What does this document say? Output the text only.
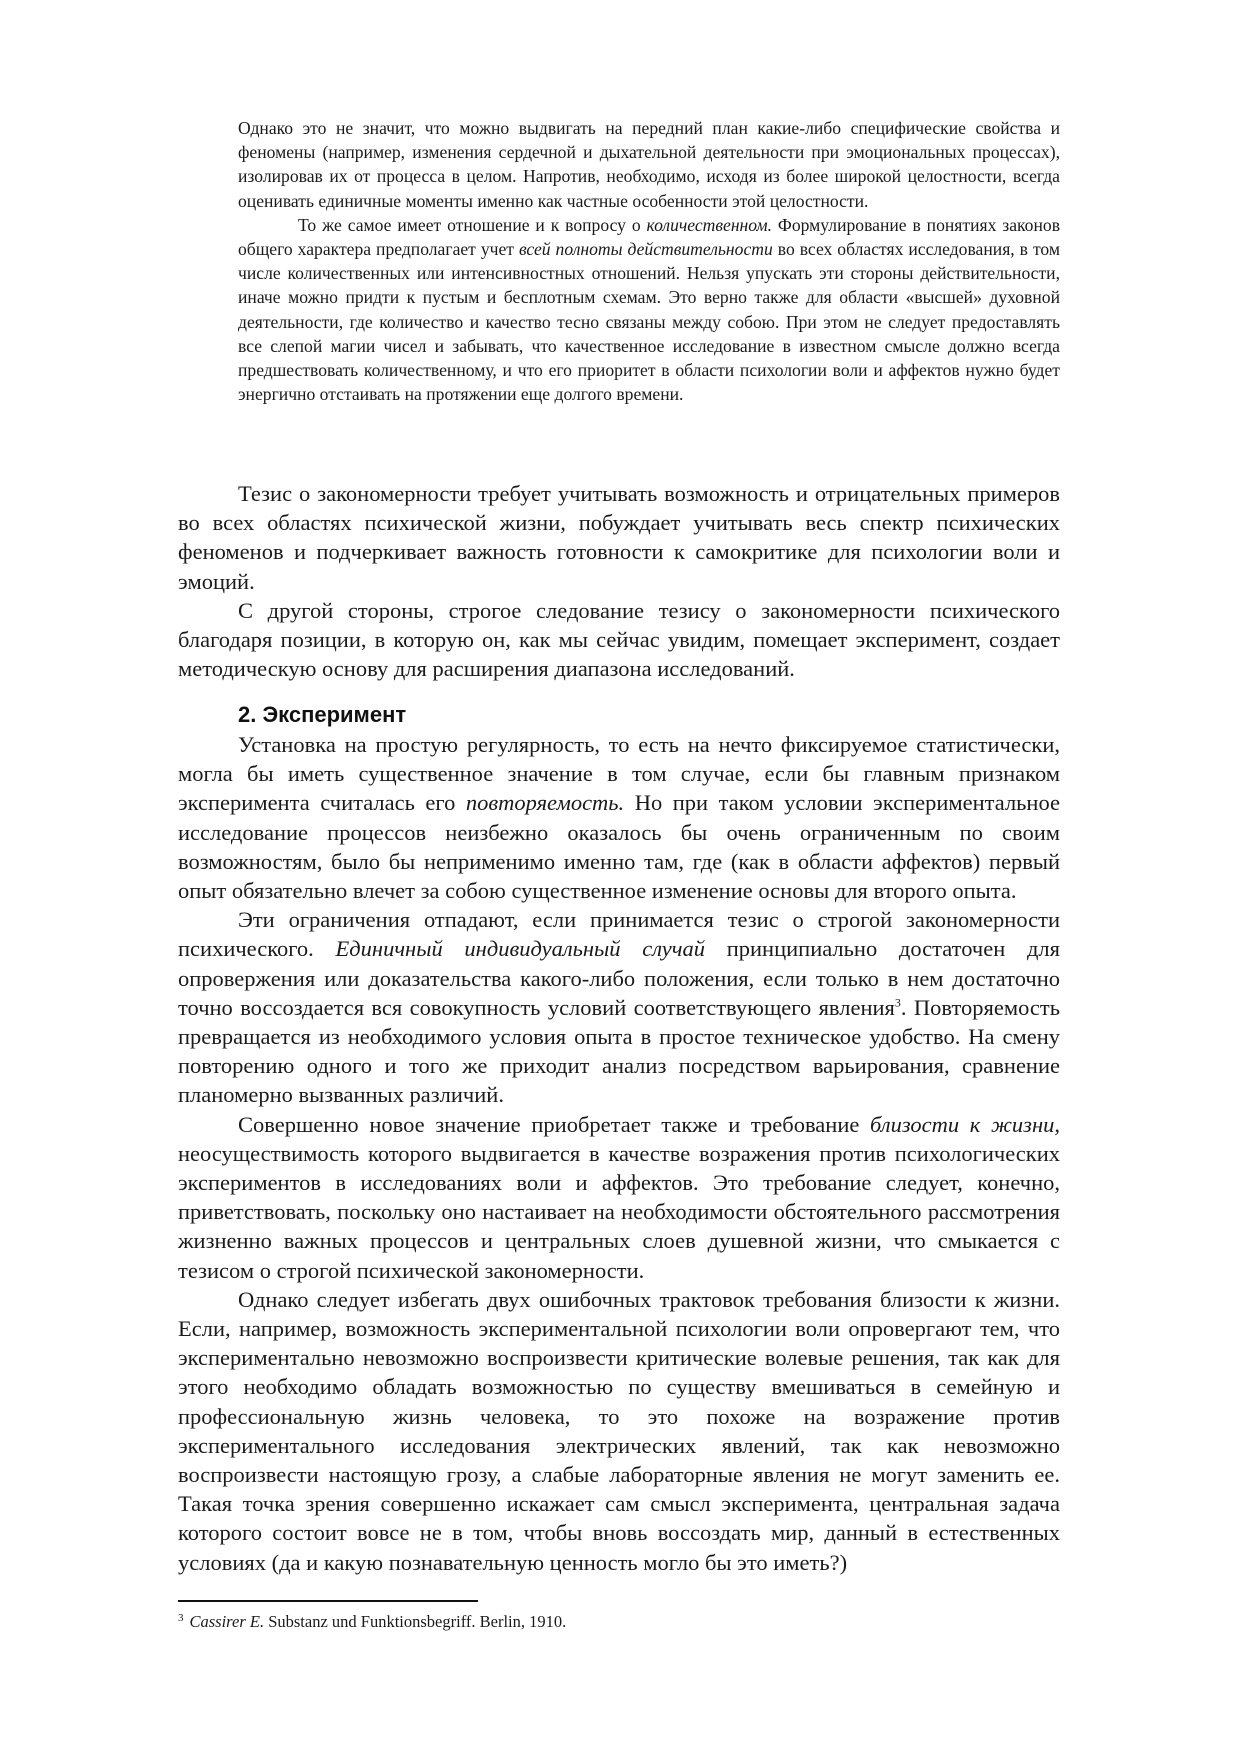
Однако это не значит, что можно выдвигать на передний план какие-либо специфические свойства и феномены (например, изменения сердечной и дыхательной деятельности при эмоциональных процессах), изолировав их от процесса в целом. Напротив, необходимо, исходя из более широкой целостности, всегда оценивать единичные моменты именно как частные особенности этой целостности.

То же самое имеет отношение и к вопросу о количественном. Формулирование в понятиях законов общего характера предполагает учет всей полноты действительности во всех областях исследования, в том числе количественных или интенсивностных отношений. Нельзя упускать эти стороны действительности, иначе можно придти к пустым и бесплотным схемам. Это верно также для области «высшей» духовной деятельности, где количество и качество тесно связаны между собою. При этом не следует предоставлять все слепой магии чисел и забывать, что качественное исследование в известном смысле должно всегда предшествовать количественному, и что его приоритет в области психологии воли и аффектов нужно будет энергично отстаивать на протяжении еще долгого времени.

Тезис о закономерности требует учитывать возможность и отрицательных примеров во всех областях психической жизни, побуждает учитывать весь спектр психических феноменов и подчеркивает важность готовности к самокритике для психологии воли и эмоций.

С другой стороны, строгое следование тезису о закономерности психического благодаря позиции, в которую он, как мы сейчас увидим, помещает эксперимент, создает методическую основу для расширения диапазона исследований.

2. Эксперимент

Установка на простую регулярность, то есть на нечто фиксируемое статистически, могла бы иметь существенное значение в том случае, если бы главным признаком эксперимента считалась его повторяемость. Но при таком условии экспериментальное исследование процессов неизбежно оказалось бы очень ограниченным по своим возможностям, было бы неприменимо именно там, где (как в области аффектов) первый опыт обязательно влечет за собою существенное изменение основы для второго опыта.

Эти ограничения отпадают, если принимается тезис о строгой закономерности психического. Единичный индивидуальный случай принципиально достаточен для опровержения или доказательства какого-либо положения, если только в нем достаточно точно воссоздается вся совокупность условий соответствующего явления$^3$. Повторяемость превращается из необходимого условия опыта в простое техническое удобство. На смену повторению одного и того же приходит анализ посредством варьирования, сравнение планомерно вызванных различий.

Совершенно новое значение приобретает также и требование близости к жизни, неосуществимость которого выдвигается в качестве возражения против психологических экспериментов в исследованиях воли и аффектов. Это требование следует, конечно, приветствовать, поскольку оно настаивает на необходимости обстоятельного рассмотрения жизненно важных процессов и центральных слоев душевной жизни, что смыкается с тезисом о строгой психической закономерности.

Однако следует избегать двух ошибочных трактовок требования близости к жизни. Если, например, возможность экспериментальной психологии воли опровергают тем, что экспериментально невозможно воспроизвести критические волевые решения, так как для этого необходимо обладать возможностью по существу вмешиваться в семейную и профессиональную жизнь человека, то это похоже на возражение против экспериментального исследования электрических явлений, так как невозможно воспроизвести настоящую грозу, а слабые лабораторные явления не могут заменить ее. Такая точка зрения совершенно искажает сам смысл эксперимента, центральная задача которого состоит вовсе не в том, чтобы вновь воссоздать мир, данный в естественных условиях (да и какую познавательную ценность могло бы это иметь?)

$^3$ Cassirer E. Substanz und Funktionsbegriff. Berlin, 1910.
